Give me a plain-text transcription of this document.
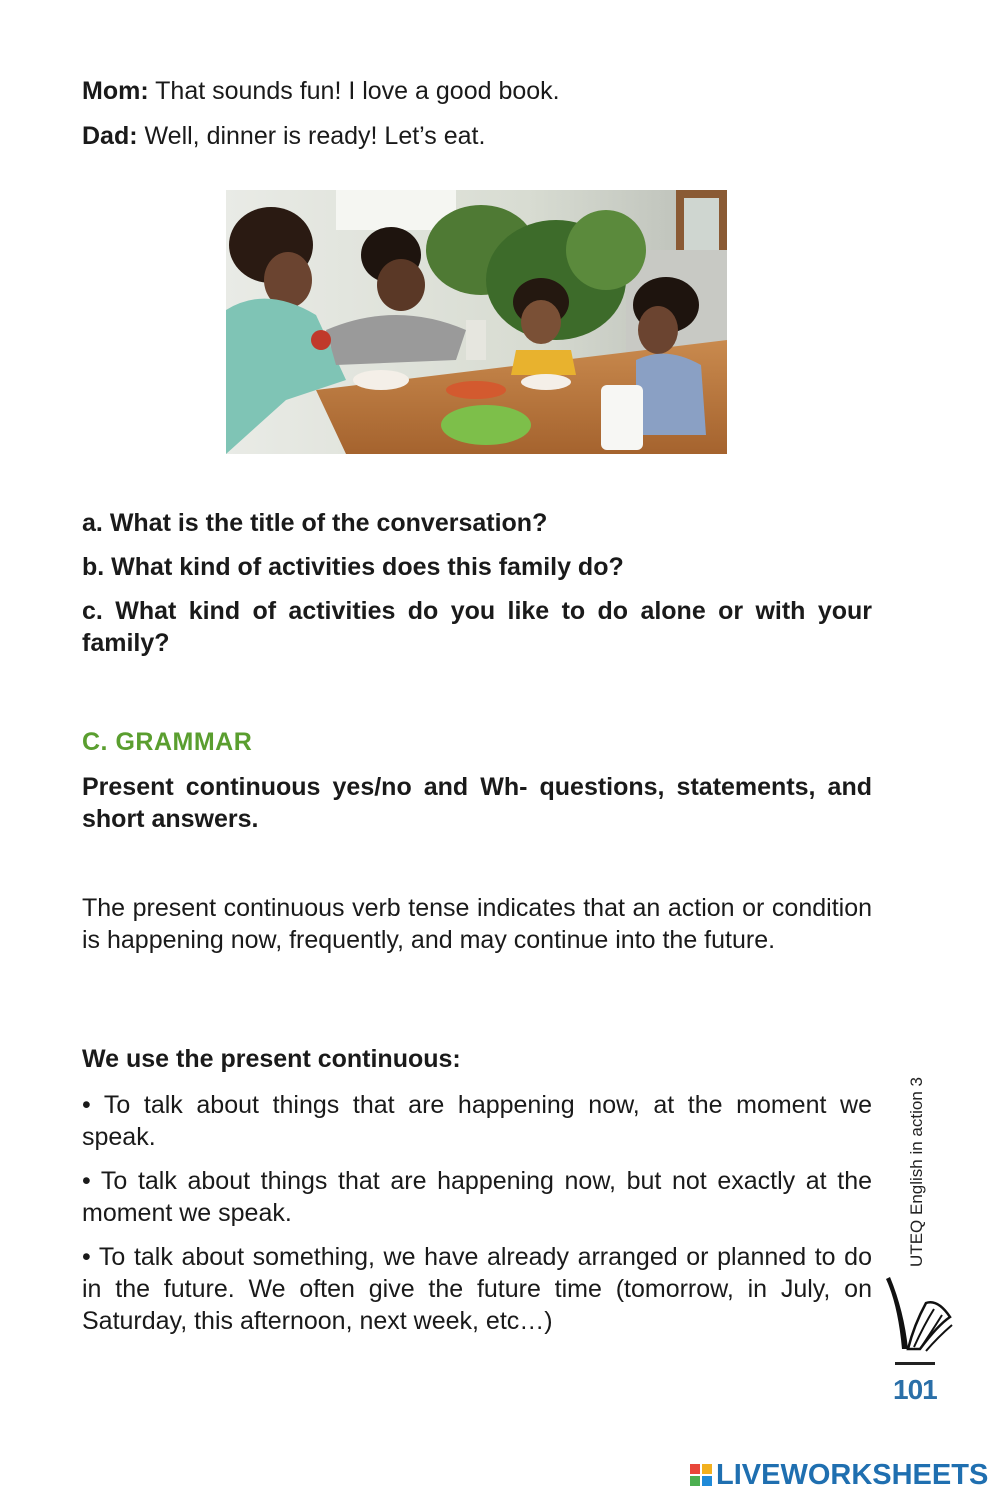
Mom: That sounds fun! I love a good book.

Dad: Well, dinner is ready! Let’s eat.

a. What is the title of the conversation?

b. What kind of activities does this family do?

c. What kind of activities do you like to do alone or with your family?

C. GRAMMAR

Present continuous yes/no and Wh- questions, statements, and short answers.

The present continuous verb tense indicates that an action or condition is happening now, frequently, and may continue into the future.

We use the present continuous:

• To talk about things that are happening now, at the moment we speak.

• To talk about things that are happening now, but not exactly at the moment we speak.

• To talk about something, we have already arranged or planned to do in the future. We often give the future time (tomorrow, in July, on Saturday, this afternoon, next week, etc…)

UTEQ English in action 3
101
LIVEWORKSHEETS
